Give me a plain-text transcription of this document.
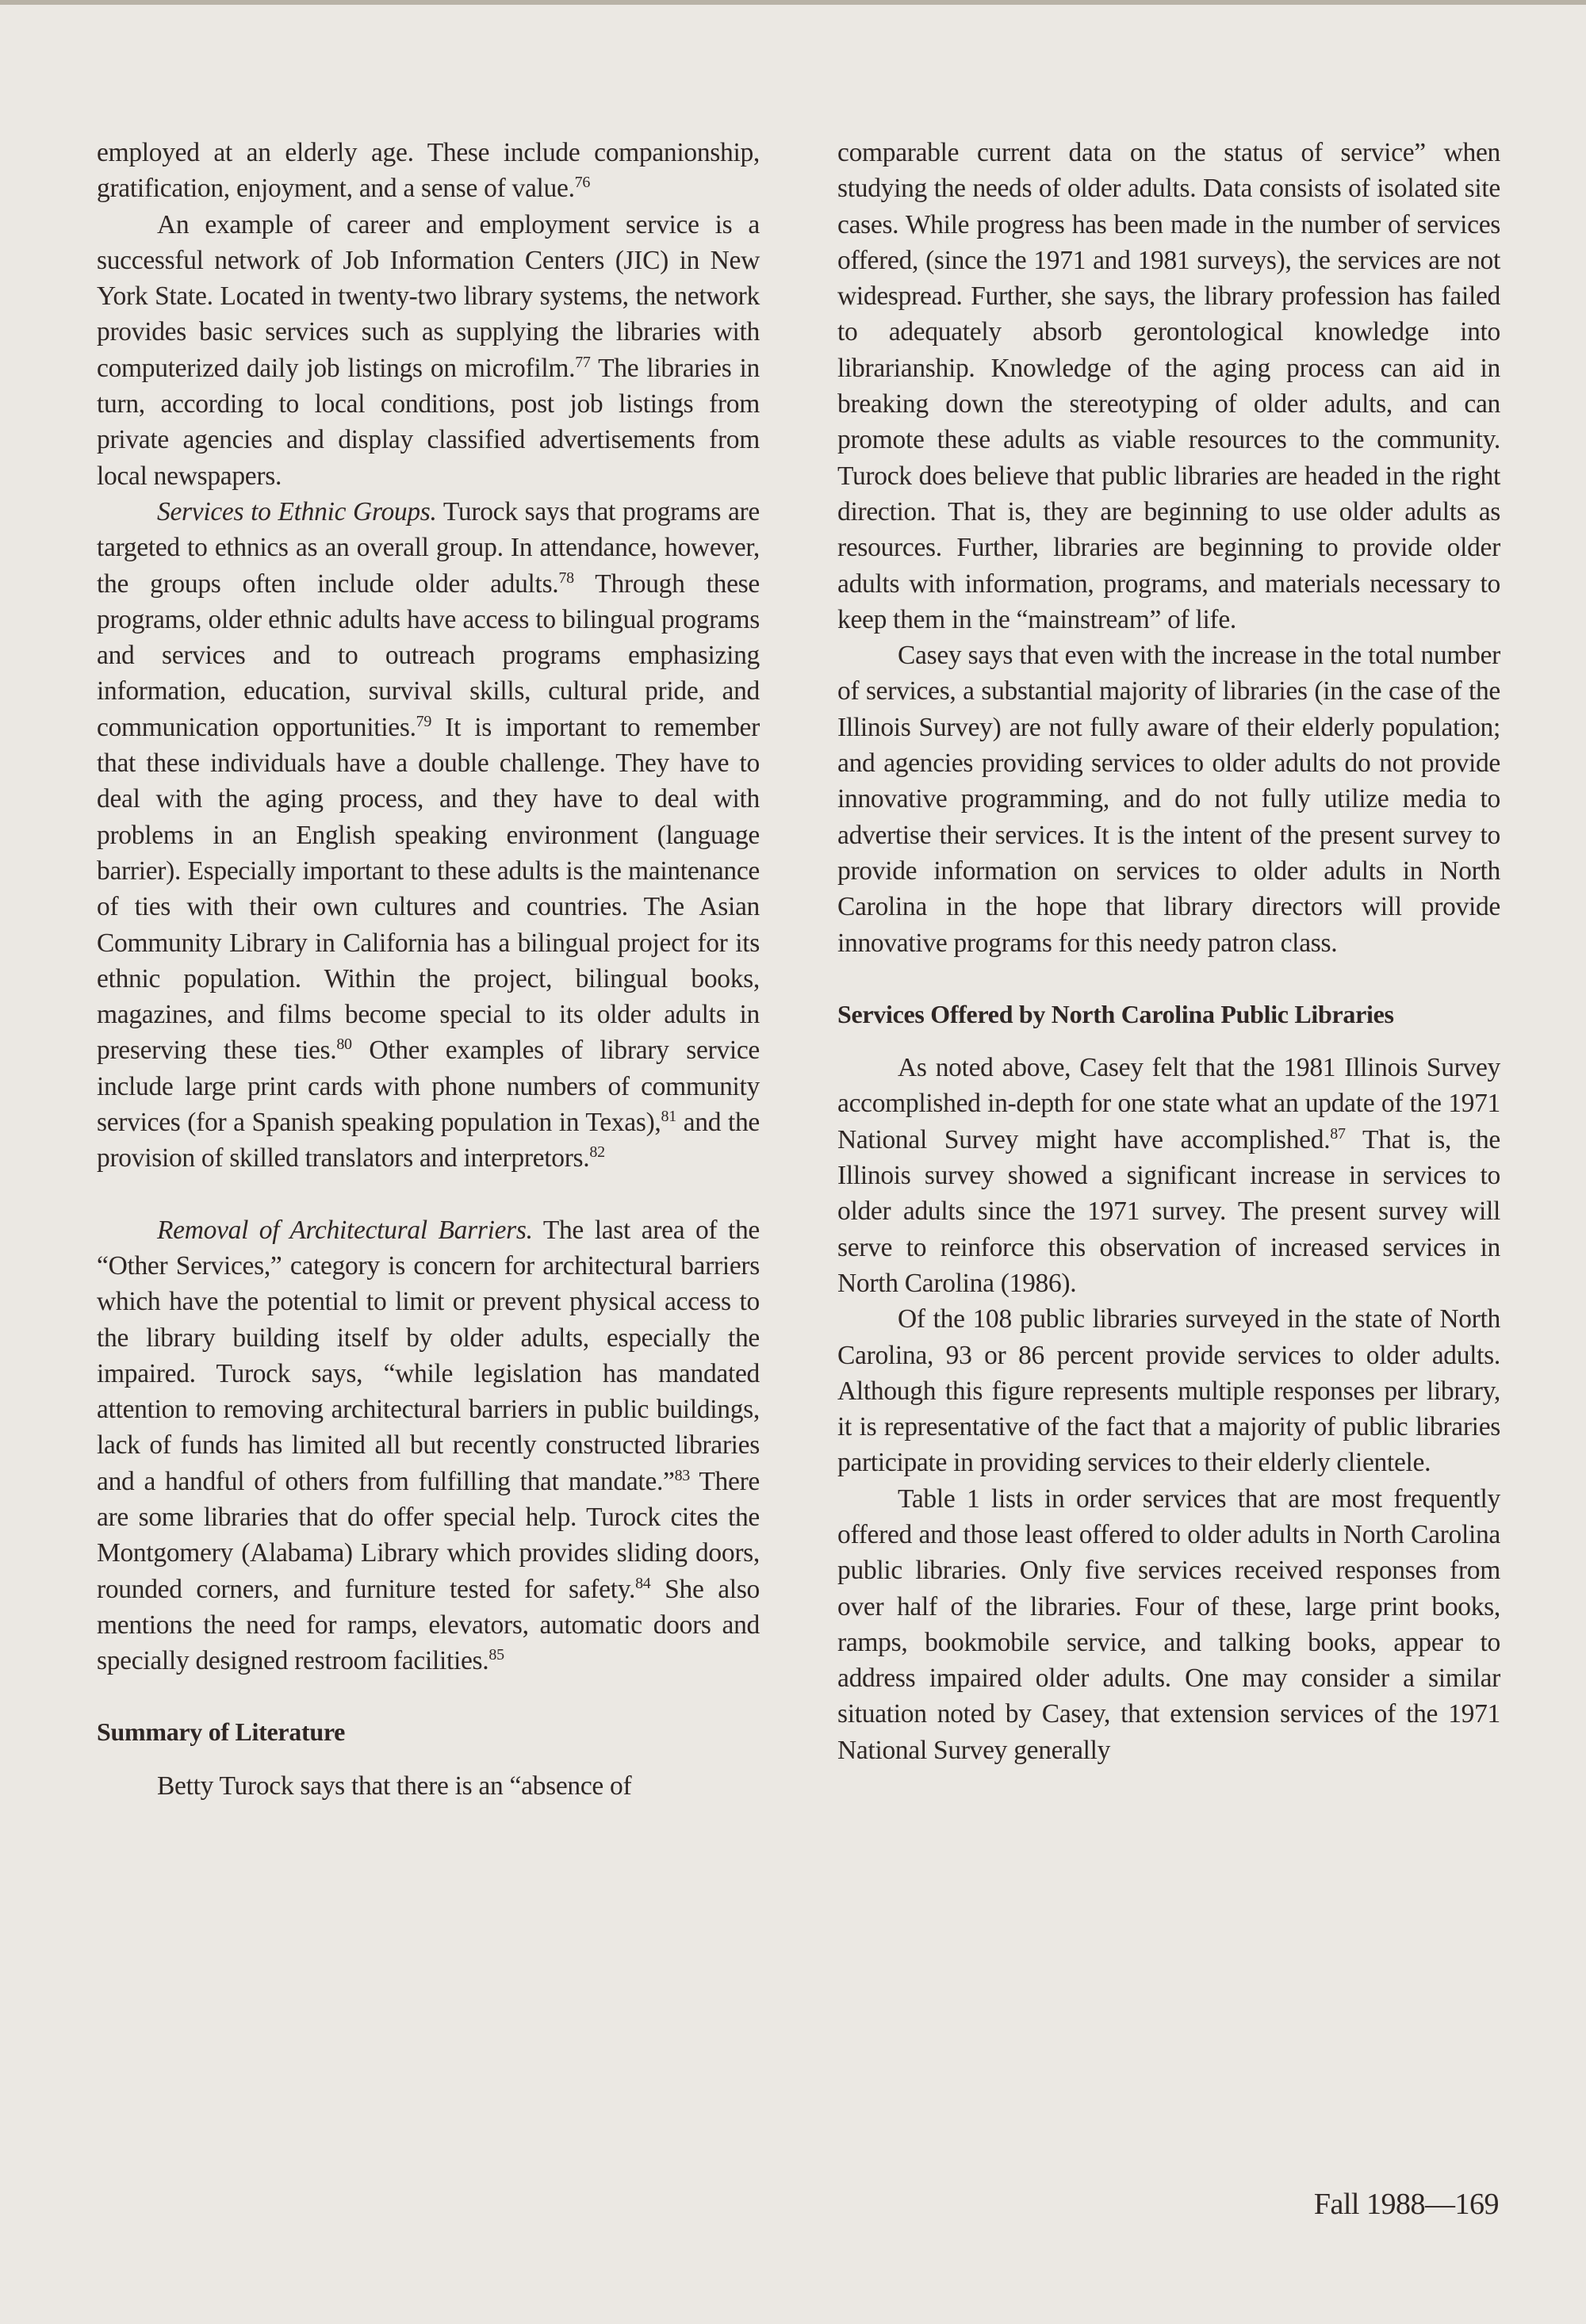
employed at an elderly age. These include companionship, gratification, enjoyment, and a sense of value.$^{76}$

An example of career and employment service is a successful network of Job Information Centers (JIC) in New York State. Located in twenty-two library systems, the network provides basic services such as supplying the libraries with computerized daily job listings on microfilm.$^{77}$ The libraries in turn, according to local conditions, post job listings from private agencies and display classified advertisements from local newspapers.

Services to Ethnic Groups. Turock says that programs are targeted to ethnics as an overall group. In attendance, however, the groups often include older adults.$^{78}$ Through these programs, older ethnic adults have access to bilingual programs and services and to outreach programs emphasizing information, education, survival skills, cultural pride, and communication opportunities.$^{79}$ It is important to remember that these individuals have a double challenge. They have to deal with the aging process, and they have to deal with problems in an English speaking environment (language barrier). Especially important to these adults is the maintenance of ties with their own cultures and countries. The Asian Community Library in California has a bilingual project for its ethnic population. Within the project, bilingual books, magazines, and films become special to its older adults in preserving these ties.$^{80}$ Other examples of library service include large print cards with phone numbers of community services (for a Spanish speaking population in Texas),$^{81}$ and the provision of skilled translators and interpretors.$^{82}$

Removal of Architectural Barriers. The last area of the “Other Services,” category is concern for architectural barriers which have the potential to limit or prevent physical access to the library building itself by older adults, especially the impaired. Turock says, “while legislation has mandated attention to removing architectural barriers in public buildings, lack of funds has limited all but recently constructed libraries and a handful of others from fulfilling that mandate.”$^{83}$ There are some libraries that do offer special help. Turock cites the Montgomery (Alabama) Library which provides sliding doors, rounded corners, and furniture tested for safety.$^{84}$ She also mentions the need for ramps, elevators, automatic doors and specially designed restroom facilities.$^{85}$

Summary of Literature

Betty Turock says that there is an “absence of

comparable current data on the status of service” when studying the needs of older adults. Data consists of isolated site cases. While progress has been made in the number of services offered, (since the 1971 and 1981 surveys), the services are not widespread. Further, she says, the library profession has failed to adequately absorb gerontological knowledge into librarianship. Knowledge of the aging process can aid in breaking down the stereotyping of older adults, and can promote these adults as viable resources to the community. Turock does believe that public libraries are headed in the right direction. That is, they are beginning to use older adults as resources. Further, libraries are beginning to provide older adults with information, programs, and materials necessary to keep them in the “mainstream” of life.

Casey says that even with the increase in the total number of services, a substantial majority of libraries (in the case of the Illinois Survey) are not fully aware of their elderly population; and agencies providing services to older adults do not provide innovative programming, and do not fully utilize media to advertise their services. It is the intent of the present survey to provide information on services to older adults in North Carolina in the hope that library directors will provide innovative programs for this needy patron class.

Services Offered by North Carolina Public Libraries

As noted above, Casey felt that the 1981 Illinois Survey accomplished in-depth for one state what an update of the 1971 National Survey might have accomplished.$^{87}$ That is, the Illinois survey showed a significant increase in services to older adults since the 1971 survey. The present survey will serve to reinforce this observation of increased services in North Carolina (1986).

Of the 108 public libraries surveyed in the state of North Carolina, 93 or 86 percent provide services to older adults. Although this figure represents multiple responses per library, it is representative of the fact that a majority of public libraries participate in providing services to their elderly clientele.

Table 1 lists in order services that are most frequently offered and those least offered to older adults in North Carolina public libraries. Only five services received responses from over half of the libraries. Four of these, large print books, ramps, bookmobile service, and talking books, appear to address impaired older adults. One may consider a similar situation noted by Casey, that extension services of the 1971 National Survey generally

Fall 1988—169
